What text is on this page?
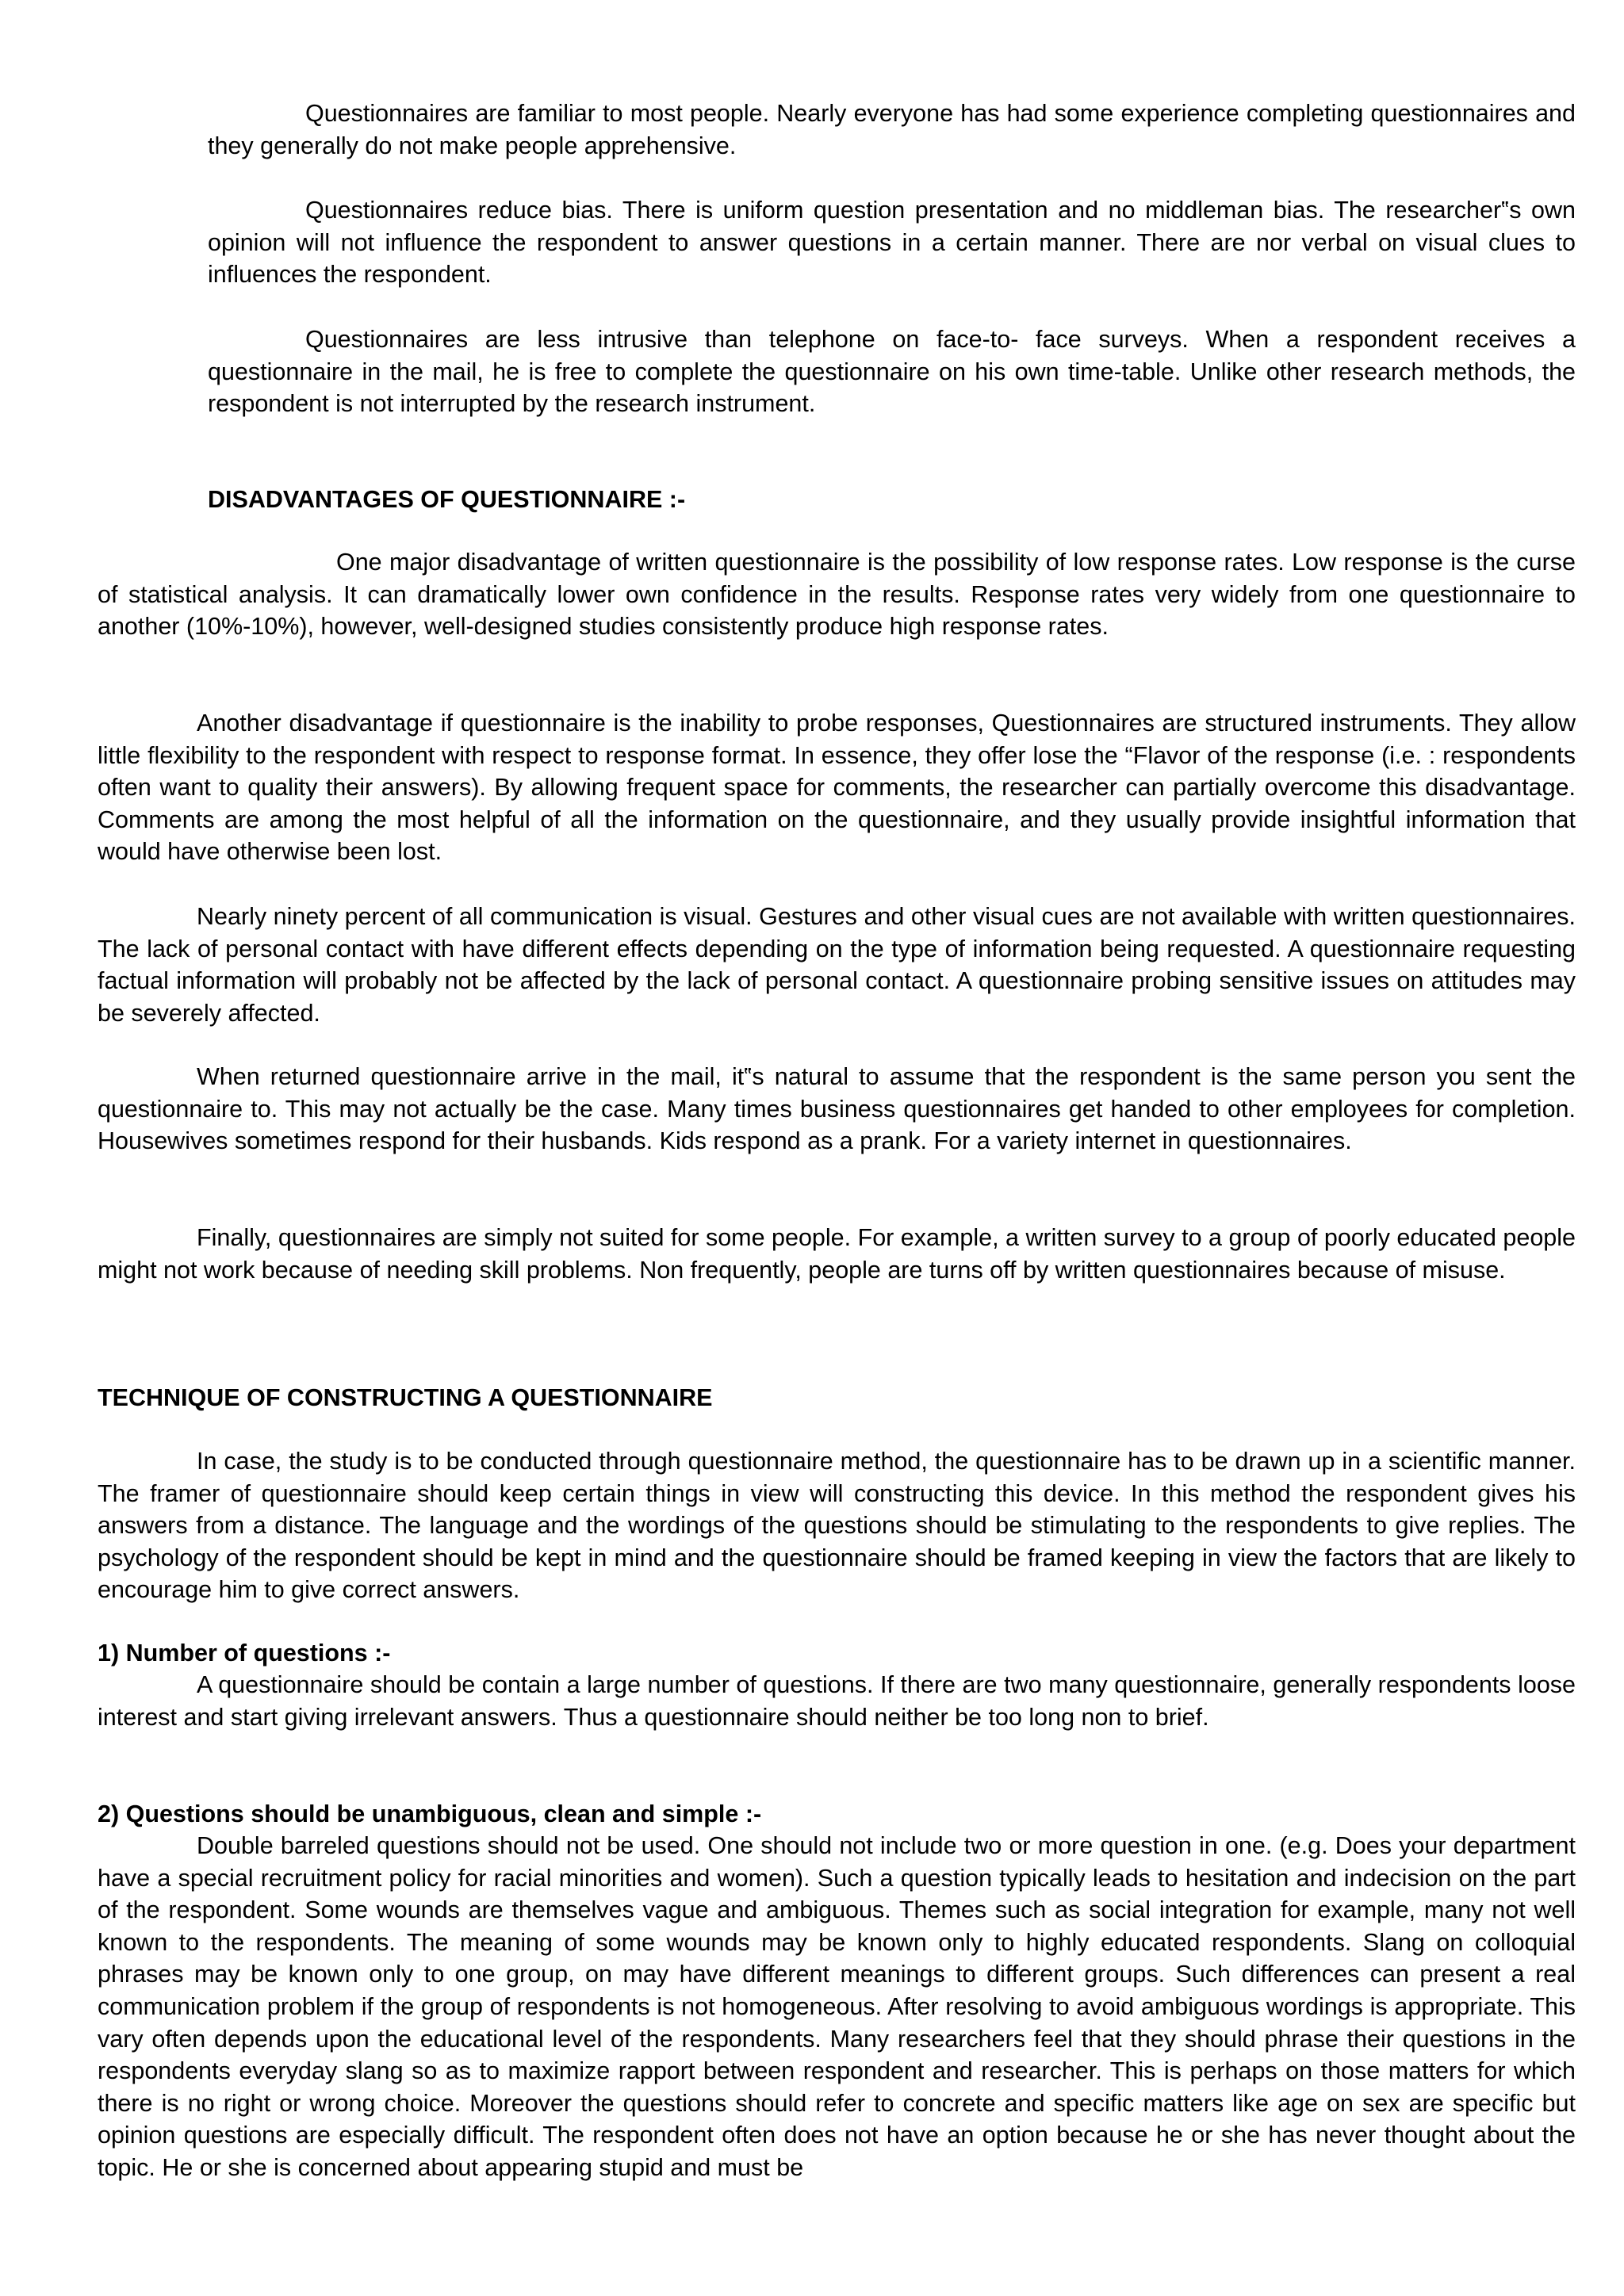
Questionnaires are familiar to most people. Nearly everyone has had some experience completing questionnaires and they generally do not make people apprehensive.

Questionnaires reduce bias. There is uniform question presentation and no middleman bias. The researcher‟s own opinion will not influence the respondent to answer questions in a certain manner. There are nor verbal on visual clues to influences the respondent.

Questionnaires are less intrusive than telephone on face-to- face surveys. When a respondent receives a questionnaire in the mail, he is free to complete the questionnaire on his own time-table. Unlike other research methods, the respondent is not interrupted by the research instrument.

DISADVANTAGES OF QUESTIONNAIRE :-

One major disadvantage of written questionnaire is the possibility of low response rates. Low response is the curse of statistical analysis. It can dramatically lower own confidence in the results. Response rates very widely from one questionnaire to another (10%-10%), however, well-designed studies consistently produce high response rates.

Another disadvantage if questionnaire is the inability to probe responses, Questionnaires are structured instruments. They allow little flexibility to the respondent with respect to response format. In essence, they offer lose the “Flavor of the response (i.e. : respondents often want to quality their answers). By allowing frequent space for comments, the researcher can partially overcome this disadvantage. Comments are among the most helpful of all the information on the questionnaire, and they usually provide insightful information that would have otherwise been lost.

Nearly ninety percent of all communication is visual. Gestures and other visual cues are not available with written questionnaires. The lack of personal contact with have different effects depending on the type of information being requested. A questionnaire requesting factual information will probably not be affected by the lack of personal contact. A questionnaire probing sensitive issues on attitudes may be severely affected.

When returned questionnaire arrive in the mail, it‟s natural to assume that the respondent is the same person you sent the questionnaire to. This may not actually be the case. Many times business questionnaires get handed to other employees for completion. Housewives sometimes respond for their husbands. Kids respond as a prank. For a variety internet in questionnaires.

Finally, questionnaires are simply not suited for some people. For example, a written survey to a group of poorly educated people might not work because of needing skill problems. Non frequently, people are turns off by written questionnaires because of misuse.

TECHNIQUE OF CONSTRUCTING A QUESTIONNAIRE

In case, the study is to be conducted through questionnaire method, the questionnaire has to be drawn up in a scientific manner. The framer of questionnaire should keep certain things in view will constructing this device. In this method the respondent gives his answers from a distance. The language and the wordings of the questions should be stimulating to the respondents to give replies. The psychology of the respondent should be kept in mind and the questionnaire should be framed keeping in view the factors that are likely to encourage him to give correct answers.

1) Number of questions :-

A questionnaire should be contain a large number of questions. If there are two many questionnaire, generally respondents loose interest and start giving irrelevant answers. Thus a questionnaire should neither be too long non to brief.

2) Questions should be unambiguous, clean and simple :-

Double barreled questions should not be used. One should not include two or more question in one. (e.g. Does your department have a special recruitment policy for racial minorities and women). Such a question typically leads to hesitation and indecision on the part of the respondent. Some wounds are themselves vague and ambiguous. Themes such as social integration for example, many not well known to the respondents. The meaning of some wounds may be known only to highly educated respondents. Slang on colloquial phrases may be known only to one group, on may have different meanings to different groups. Such differences can present a real communication problem if the group of respondents is not homogeneous. After resolving to avoid ambiguous wordings is appropriate. This vary often depends upon the educational level of the respondents. Many researchers feel that they should phrase their questions in the respondents everyday slang so as to maximize rapport between respondent and researcher. This is perhaps on those matters for which there is no right or wrong choice. Moreover the questions should refer to concrete and specific matters like age on sex are specific but opinion questions are especially difficult. The respondent often does not have an option because he or she has never thought about the topic. He or she is concerned about appearing stupid and must be
